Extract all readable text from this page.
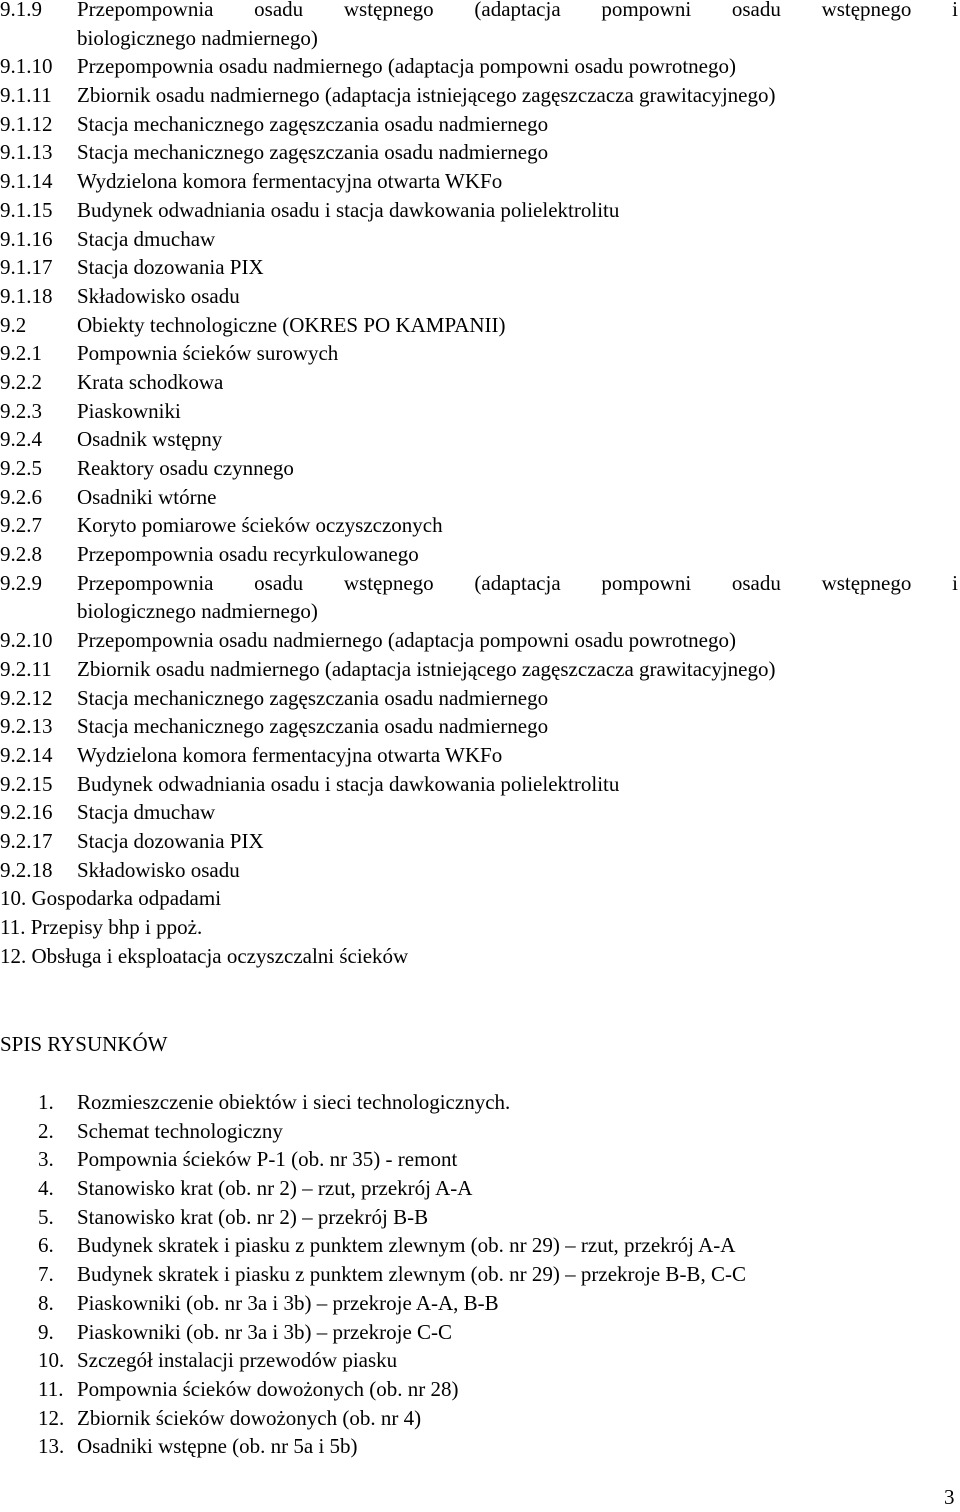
9.1.9	Przepompownia osadu wstępnego (adaptacja pompowni osadu wstępnego i
biologicznego nadmiernego)
9.1.10	Przepompownia osadu nadmiernego (adaptacja pompowni osadu powrotnego)
9.1.11	Zbiornik osadu nadmiernego (adaptacja istniejącego zagęszczacza grawitacyjnego)
9.1.12	Stacja mechanicznego zagęszczania osadu nadmiernego
9.1.13	Stacja mechanicznego zagęszczania osadu nadmiernego
9.1.14	Wydzielona komora fermentacyjna otwarta WKFo
9.1.15	Budynek odwadniania osadu i stacja dawkowania polielektrolitu
9.1.16	Stacja dmuchaw
9.1.17	Stacja dozowania PIX
9.1.18	Składowisko osadu
9.2	Obiekty technologiczne (OKRES PO KAMPANII)
9.2.1	Pompownia ścieków surowych
9.2.2	Krata schodkowa
9.2.3	Piaskowniki
9.2.4	Osadnik wstępny
9.2.5	Reaktory osadu czynnego
9.2.6	Osadniki wtórne
9.2.7	Koryto pomiarowe ścieków oczyszczonych
9.2.8	Przepompownia osadu recyrkulowanego
9.2.9	Przepompownia osadu wstępnego (adaptacja pompowni osadu wstępnego i
biologicznego nadmiernego)
9.2.10	Przepompownia osadu nadmiernego (adaptacja pompowni osadu powrotnego)
9.2.11	Zbiornik osadu nadmiernego (adaptacja istniejącego zagęszczacza grawitacyjnego)
9.2.12	Stacja mechanicznego zagęszczania osadu nadmiernego
9.2.13	Stacja mechanicznego zagęszczania osadu nadmiernego
9.2.14	Wydzielona komora fermentacyjna otwarta WKFo
9.2.15	Budynek odwadniania osadu i stacja dawkowania polielektrolitu
9.2.16	Stacja dmuchaw
9.2.17	Stacja dozowania PIX
9.2.18	Składowisko osadu
10. Gospodarka odpadami
11. Przepisy bhp i ppoż.
12. Obsługa i eksploatacja oczyszczalni ścieków
SPIS RYSUNKÓW
1.	Rozmieszczenie obiektów i sieci technologicznych.
2.	Schemat technologiczny
3.	Pompownia ścieków P-1 (ob. nr 35) - remont
4.	Stanowisko krat (ob. nr 2) – rzut, przekrój A-A
5.	Stanowisko krat (ob. nr 2) – przekrój B-B
6.	Budynek skratek i piasku z punktem zlewnym (ob. nr 29) – rzut, przekrój A-A
7.	Budynek skratek i piasku z punktem zlewnym (ob. nr 29) – przekroje B-B, C-C
8.	Piaskowniki (ob. nr 3a i 3b) – przekroje A-A, B-B
9.	Piaskowniki (ob. nr 3a i 3b) – przekroje C-C
10. Szczegół instalacji przewodów piasku
11. Pompownia ścieków dowożonych (ob. nr 28)
12. Zbiornik ścieków dowożonych (ob. nr 4)
13. Osadniki wstępne (ob. nr 5a i 5b)
3
